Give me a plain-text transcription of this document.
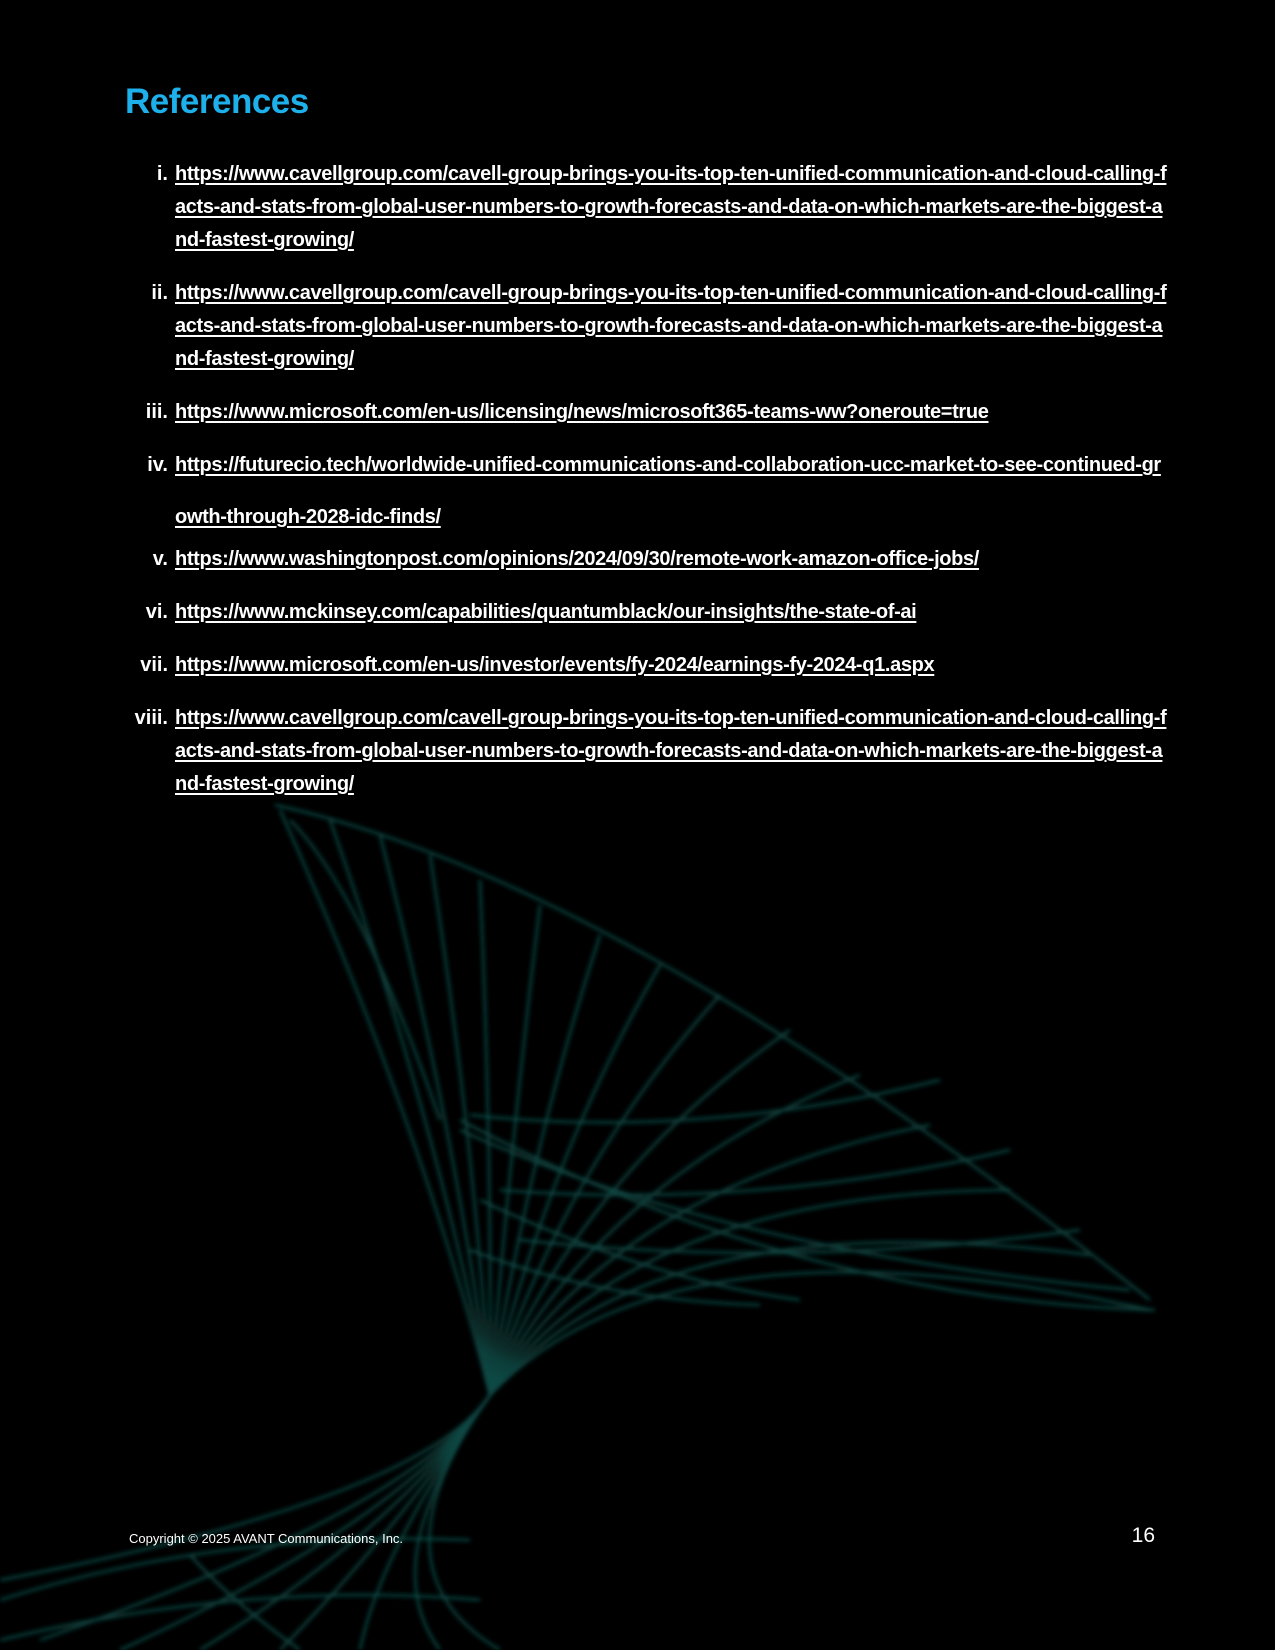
References
i. https://www.cavellgroup.com/cavell-group-brings-you-its-top-ten-unified-communication-and-cloud-calling-facts-and-stats-from-global-user-numbers-to-growth-forecasts-and-data-on-which-markets-are-the-biggest-and-fastest-growing/
ii. https://www.cavellgroup.com/cavell-group-brings-you-its-top-ten-unified-communication-and-cloud-calling-facts-and-stats-from-global-user-numbers-to-growth-forecasts-and-data-on-which-markets-are-the-biggest-and-fastest-growing/
iii. https://www.microsoft.com/en-us/licensing/news/microsoft365-teams-ww?oneroute=true
iv. https://futurecio.tech/worldwide-unified-communications-and-collaboration-ucc-market-to-see-continued-growth-through-2028-idc-finds/
v. https://www.washingtonpost.com/opinions/2024/09/30/remote-work-amazon-office-jobs/
vi. https://www.mckinsey.com/capabilities/quantumblack/our-insights/the-state-of-ai
vii. https://www.microsoft.com/en-us/investor/events/fy-2024/earnings-fy-2024-q1.aspx
viii. https://www.cavellgroup.com/cavell-group-brings-you-its-top-ten-unified-communication-and-cloud-calling-facts-and-stats-from-global-user-numbers-to-growth-forecasts-and-data-on-which-markets-are-the-biggest-and-fastest-growing/
Copyright © 2025 AVANT Communications, Inc.	16
